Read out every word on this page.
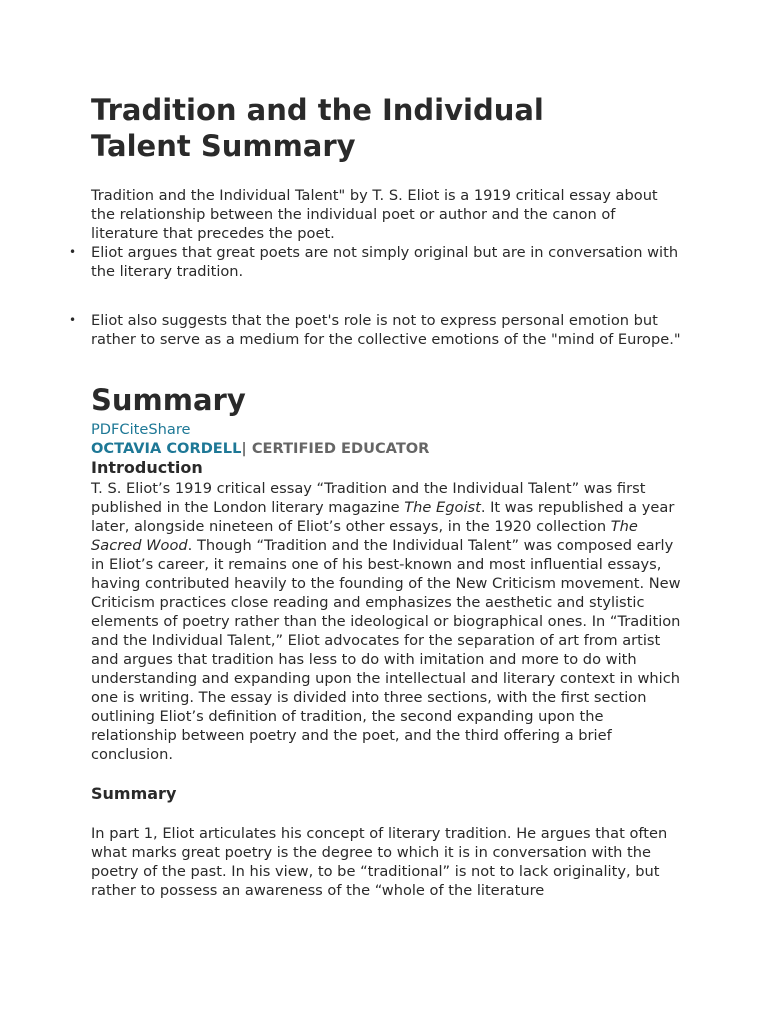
Tradition and the Individual
Talent Summary

Tradition and the Individual Talent" by T. S. Eliot is a 1919 critical essay about the relationship between the individual poet or author and the canon of literature that precedes the poet.

• Eliot argues that great poets are not simply original but are in conversation with the literary tradition.
• Eliot also suggests that the poet's role is not to express personal emotion but rather to serve as a medium for the collective emotions of the "mind of Europe."
Summary
PDFCiteShare
OCTAVIA CORDELL| CERTIFIED EDUCATOR
Introduction

T. S. Eliot’s 1919 critical essay “Tradition and the Individual Talent” was first published in the London literary magazine The Egoist. It was republished a year later, alongside nineteen of Eliot’s other essays, in the 1920 collection The Sacred Wood. Though “Tradition and the Individual Talent” was composed early in Eliot’s career, it remains one of his best-known and most influential essays, having contributed heavily to the founding of the New Criticism movement. New Criticism practices close reading and emphasizes the aesthetic and stylistic elements of poetry rather than the ideological or biographical ones. In “Tradition and the Individual Talent,” Eliot advocates for the separation of art from artist and argues that tradition has less to do with imitation and more to do with understanding and expanding upon the intellectual and literary context in which one is writing. The essay is divided into three sections, with the first section outlining Eliot’s definition of tradition, the second expanding upon the relationship between poetry and the poet, and the third offering a brief conclusion.

Summary

In part 1, Eliot articulates his concept of literary tradition. He argues that often what marks great poetry is the degree to which it is in conversation with the poetry of the past. In his view, to be “traditional” is not to lack originality, but rather to possess an awareness of the “whole of the literature
